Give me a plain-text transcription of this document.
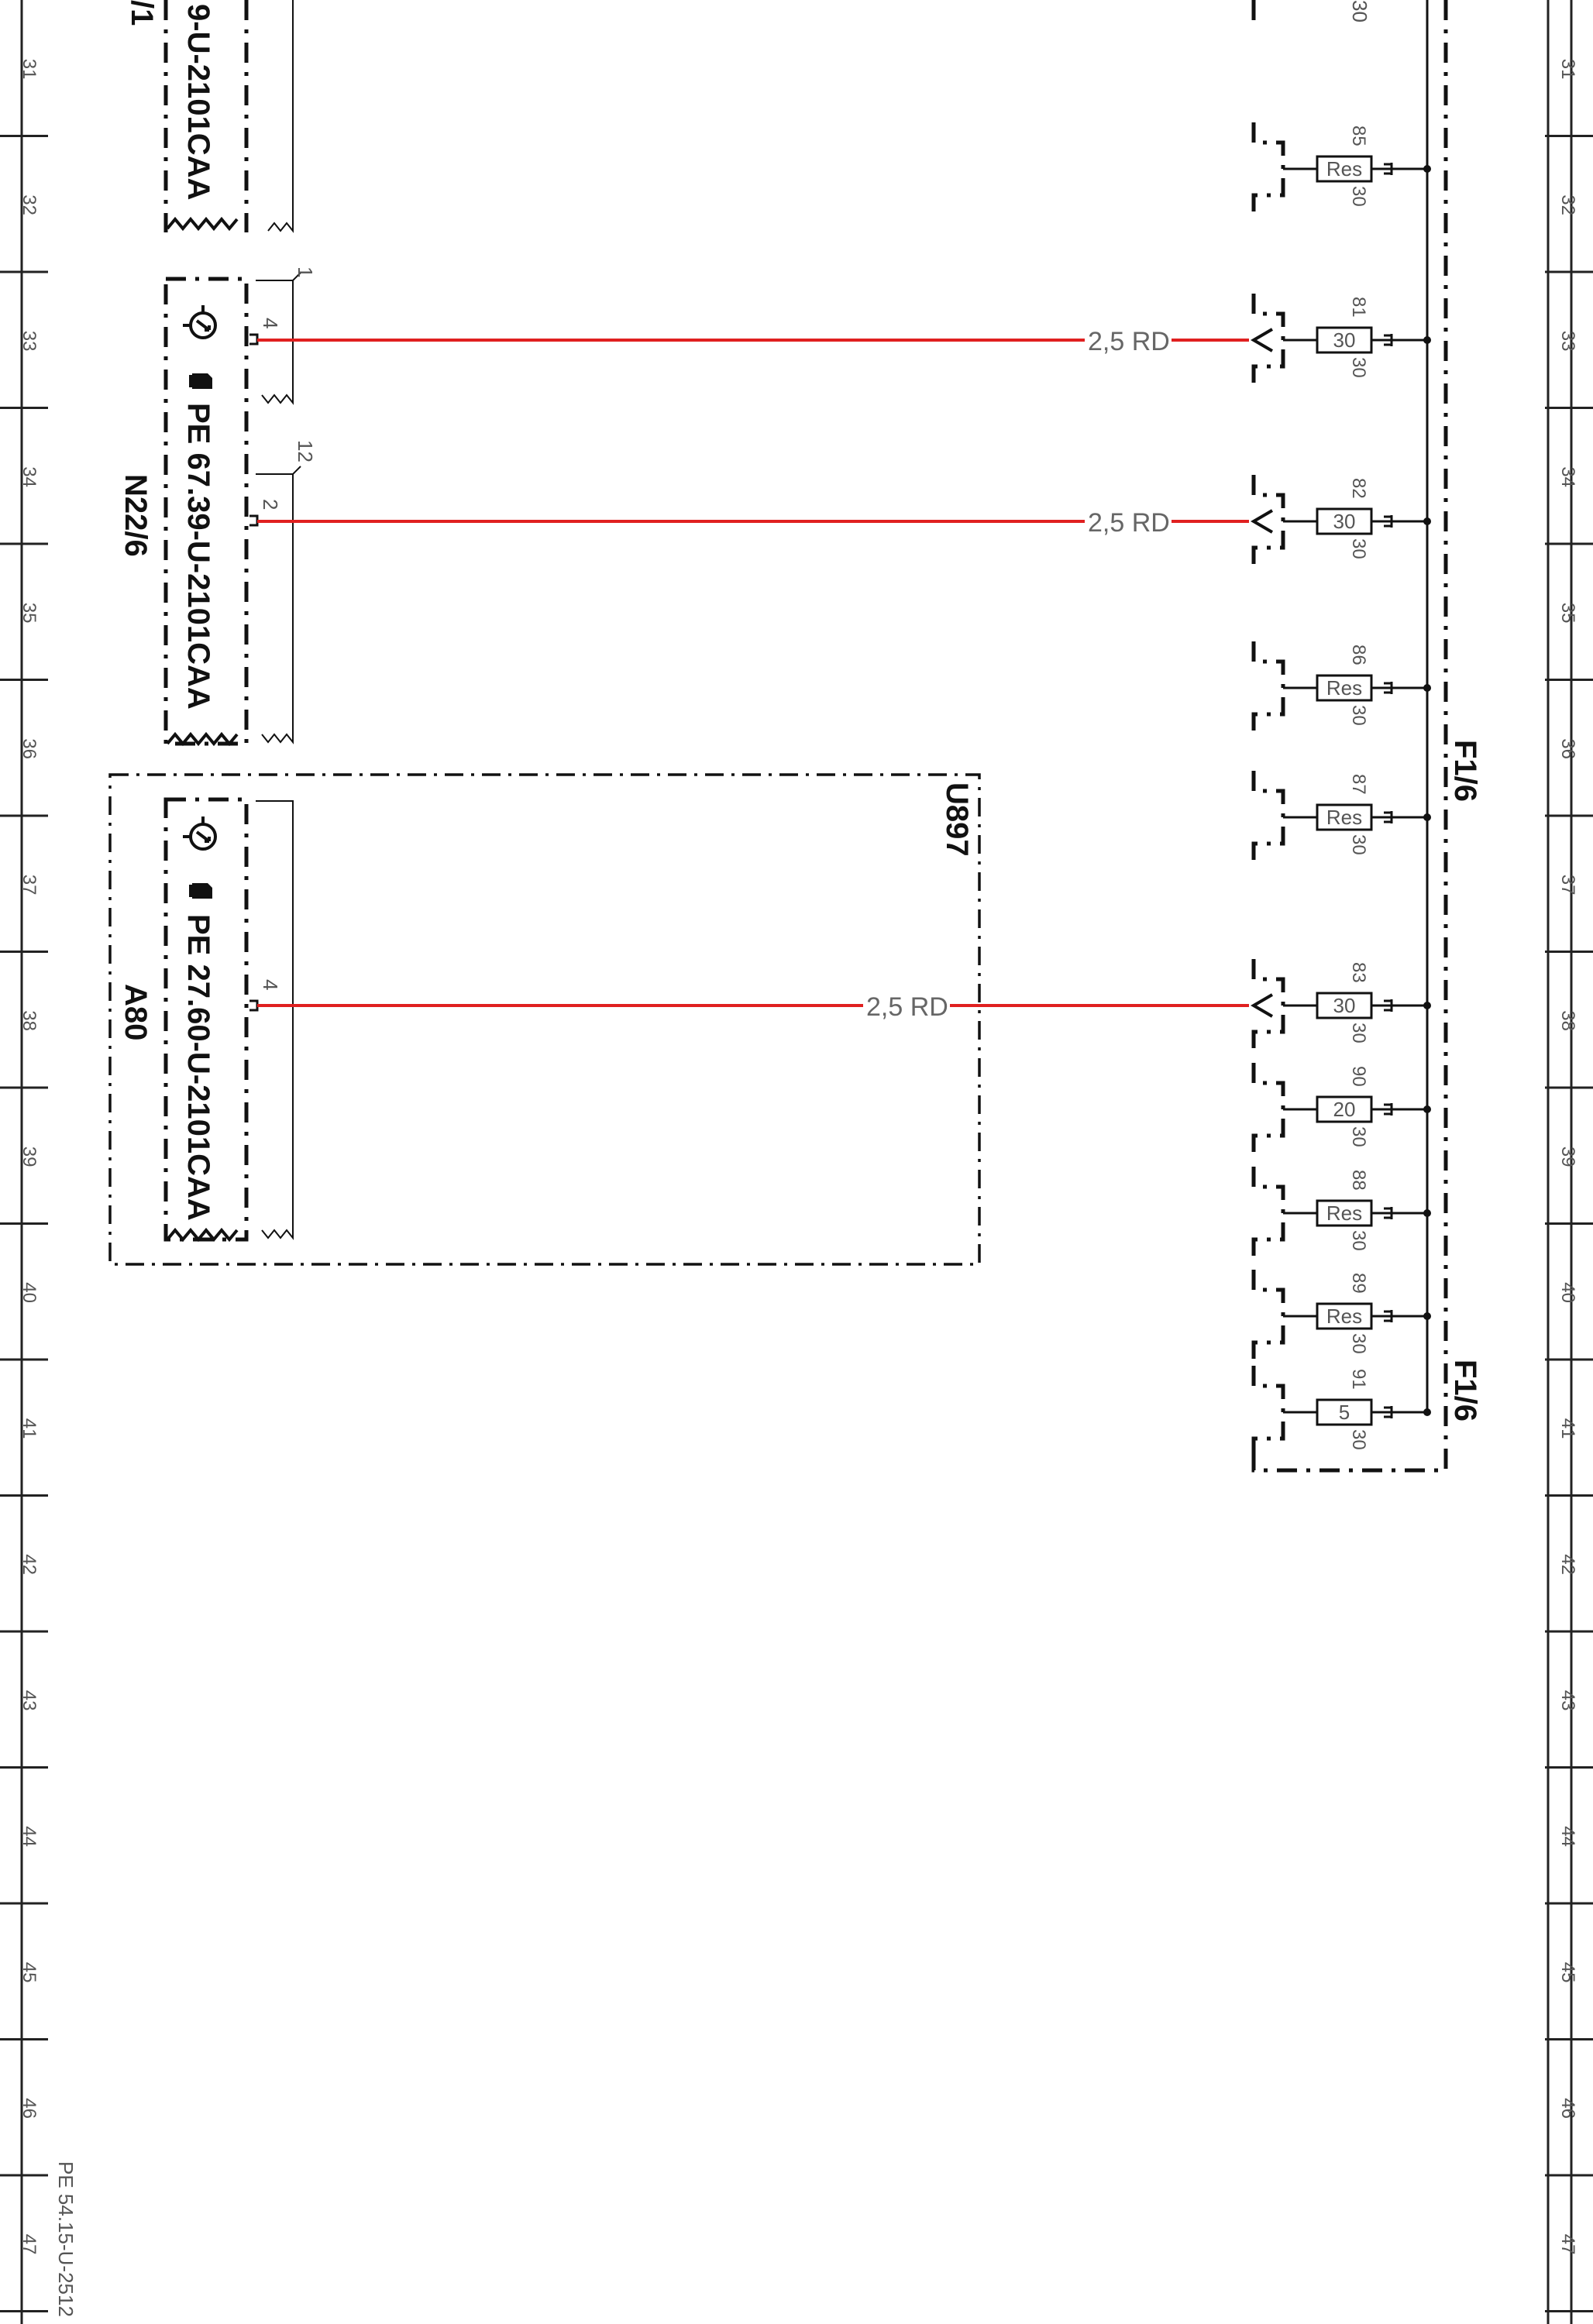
31
32
33
34
35
36
37
38
39
40
41
42
43
44
45
46
47
31
32
33
34
35
36
37
38
39
40
41
42
43
44
45
46
47
9-U-2101CAA
/1
PE 67.39-U-2101CAA
N22/6
4
1
2
12
U897
PE 27.60-U-2101CAA
A80	4
2,5 RD
2,5 RD
2,5 RD
F1/6
F1/6
30
Res
85
30
30
81
30
30
82
30
Res
86
30
Res
87
30
30
83
30
20
90
30
Res
88
30
Res
89
30
5
91
30
PE 54.15-U-2512
